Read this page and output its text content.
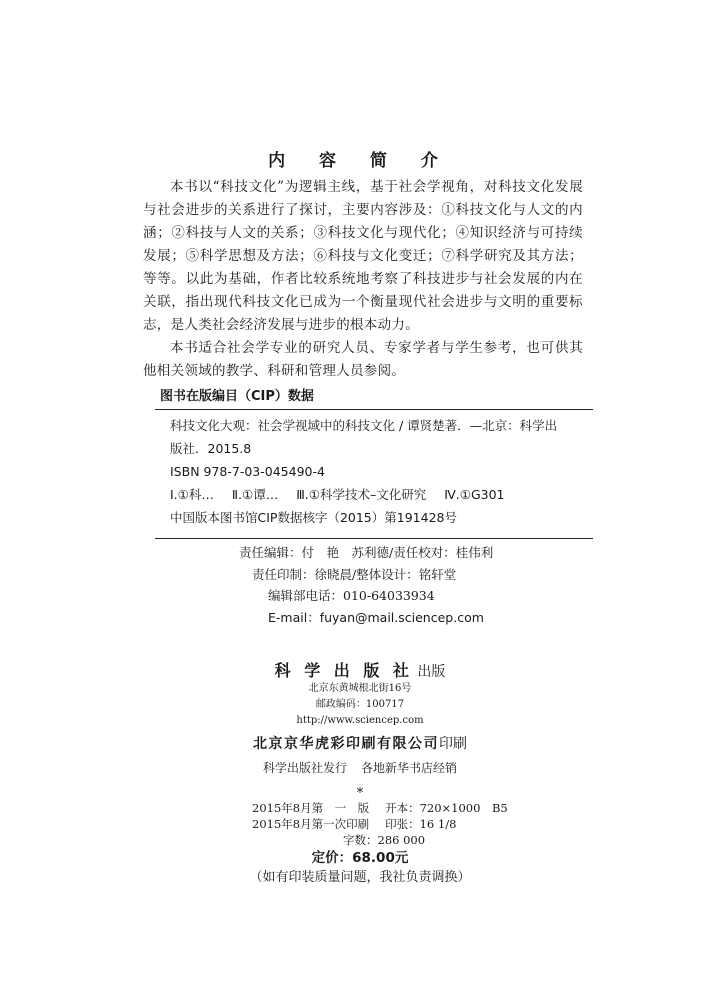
内 容 简 介

本书以“科技文化”为逻辑主线，基于社会学视角，对科技文化发展与社会进步的关系进行了探讨，主要内容涉及：①科技文化与人文的内涵；②科技与人文的关系；③科技文化与现代化；④知识经济与可持续发展；⑤科学思想及方法；⑥科技与文化变迁；⑦科学研究及其方法；等等。以此为基础，作者比较系统地考察了科技进步与社会发展的内在关联，指出现代科技文化已成为一个衡量现代社会进步与文明的重要标志，是人类社会经济发展与进步的根本动力。

本书适合社会学专业的研究人员、专家学者与学生参考，也可供其他相关领域的教学、科研和管理人员参阅。

图书在版编目（CIP）数据
科技文化大观：社会学视域中的科技文化 / 谭贤楚著．—北京：科学出
版社．2015.8
ISBN 978-7-03-045490-4
Ⅰ.①科… Ⅱ.①谭… Ⅲ.①科学技术–文化研究 Ⅳ.①G301
中国版本图书馆CIP数据核字（2015）第191428号
责任编辑：付　艳　苏利德/责任校对：桂伟利
责任印制：徐晓晨/整体设计：铭轩堂
编辑部电话：010-64033934
E-mail：fuyan@mail.sciencep.com
科 学 出 版 社 出版
北京东黄城根北街16号
邮政编码：100717
http://www.sciencep.com
北京京华虎彩印刷有限公司印刷
科学出版社发行 各地新华书店经销
*
2015年8月第　一　版 开本：720×1000　B5
2015年8月第一次印刷 印张：16 1/8
字数：286 000
定价：68.00元
（如有印装质量问题，我社负责调换）
